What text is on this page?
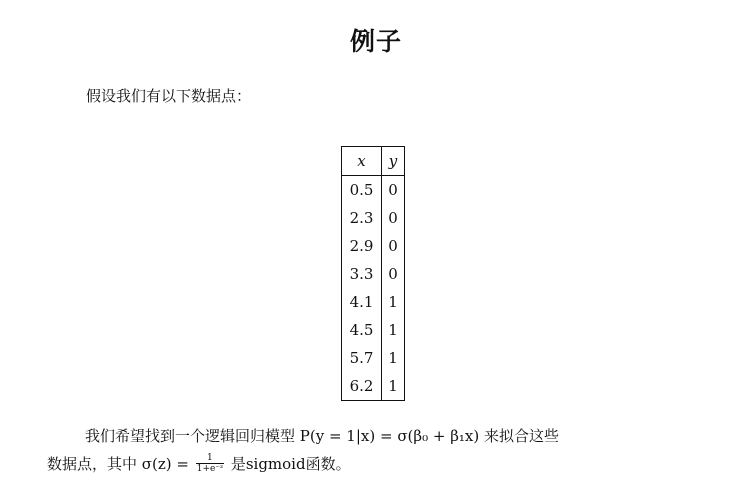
例子
假设我们有以下数据点：
x	y
0.5	0
2.3	0
2.9	0
3.3	0
4.1	1
4.5	1
5.7	1
6.2	1
我们希望找到一个逻辑回归模型 P(y = 1|x) = σ(β₀ + β₁x) 来拟合这些
数据点，其中 $\sigma(z) = \frac{1}{\text{1+e⁻ᶻ}}$ 是sigmoid函数。
